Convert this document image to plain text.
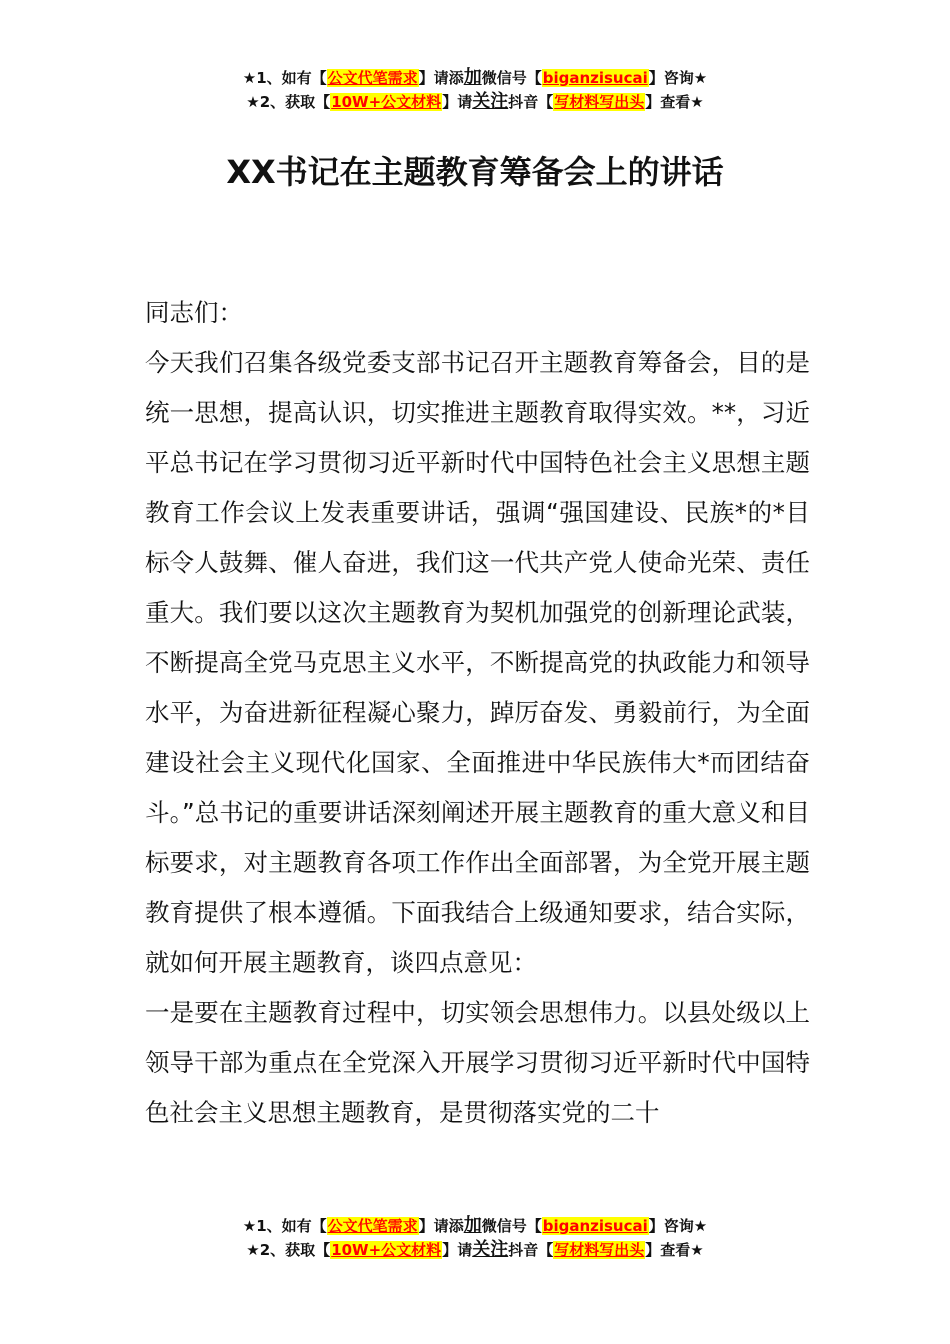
★1、如有【公文代笔需求】请添加微信号【biganzisucai】咨询★
★2、获取【10W+公文材料】请关注抖音【写材料写出头】查看★
XX书记在主题教育筹备会上的讲话

同志们：

今天我们召集各级党委支部书记召开主题教育筹备会，目的是统一思想，提高认识，切实推进主题教育取得实效。**，习近平总书记在学习贯彻习近平新时代中国特色社会主义思想主题教育工作会议上发表重要讲话，强调“强国建设、民族*的*目标令人鼓舞、催人奋进，我们这一代共产党人使命光荣、责任重大。我们要以这次主题教育为契机加强党的创新理论武装，不断提高全党马克思主义水平，不断提高党的执政能力和领导水平，为奋进新征程凝心聚力，踔厉奋发、勇毅前行，为全面建设社会主义现代化国家、全面推进中华民族伟大*而团结奋斗。”总书记的重要讲话深刻阐述开展主题教育的重大意义和目标要求，对主题教育各项工作作出全面部署，为全党开展主题教育提供了根本遵循。下面我结合上级通知要求，结合实际，就如何开展主题教育，谈四点意见：

一是要在主题教育过程中，切实领会思想伟力。以县处级以上领导干部为重点在全党深入开展学习贯彻习近平新时代中国特色社会主义思想主题教育，是贯彻落实党的二十

★1、如有【公文代笔需求】请添加微信号【biganzisucai】咨询★
★2、获取【10W+公文材料】请关注抖音【写材料写出头】查看★
